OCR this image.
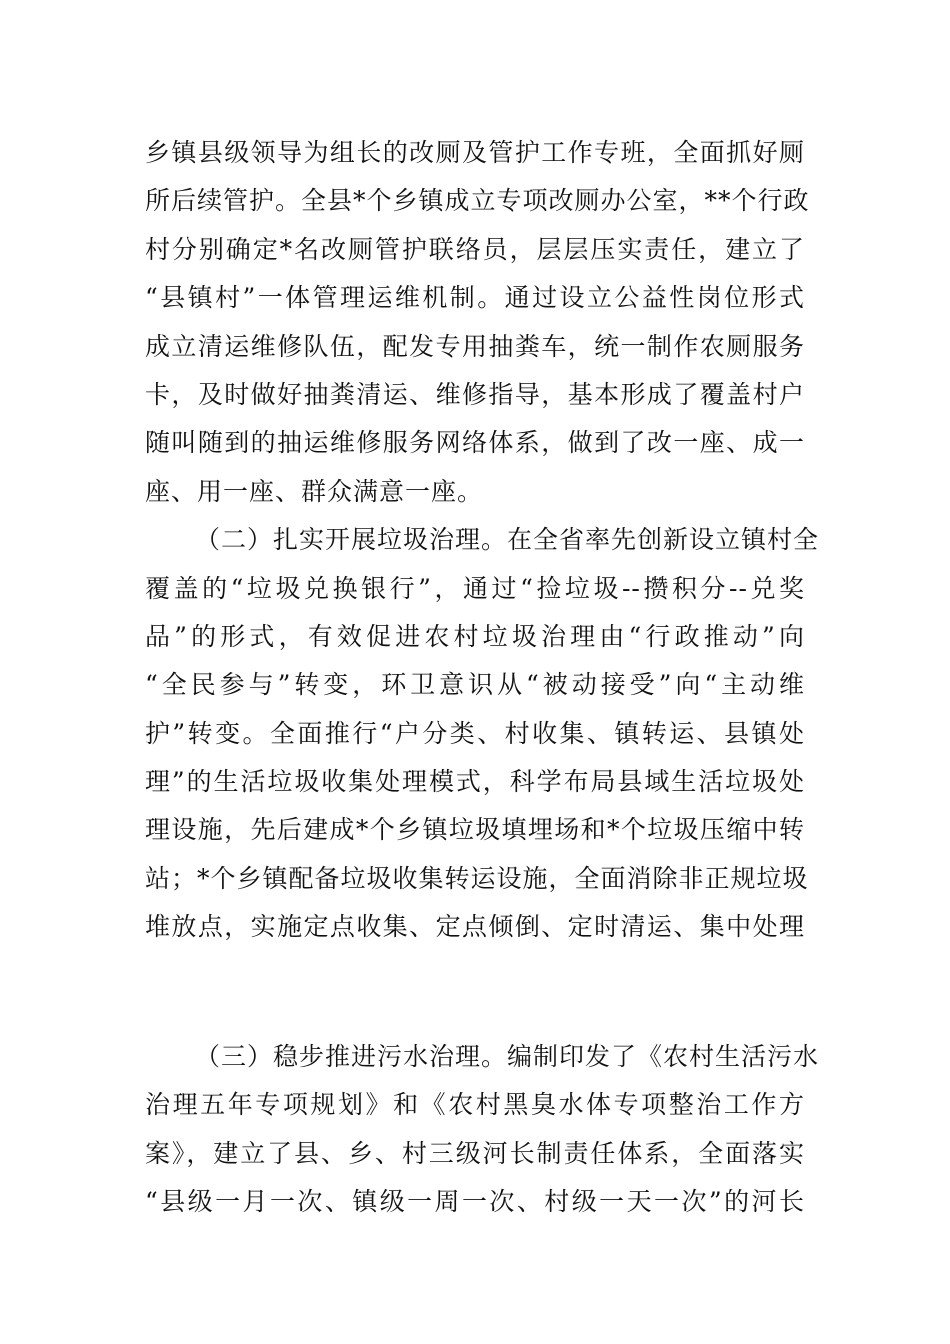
乡镇县级领导为组长的改厕及管护工作专班，全面抓好厕
所后续管护。全县*个乡镇成立专项改厕办公室，**个行政
村分别确定*名改厕管护联络员，层层压实责任，建立了
“县镇村”一体管理运维机制。通过设立公益性岗位形式
成立清运维修队伍，配发专用抽粪车，统一制作农厕服务
卡，及时做好抽粪清运、维修指导，基本形成了覆盖村户
随叫随到的抽运维修服务网络体系，做到了改一座、成一
座、用一座、群众满意一座。
（二）扎实开展垃圾治理。在全省率先创新设立镇村全
覆盖的“垃圾兑换银行”，通过“捡垃圾--攒积分--兑奖
品”的形式，有效促进农村垃圾治理由“行政推动”向
“全民参与”转变，环卫意识从“被动接受”向“主动维
护”转变。全面推行“户分类、村收集、镇转运、县镇处
理”的生活垃圾收集处理模式，科学布局县域生活垃圾处
理设施，先后建成*个乡镇垃圾填埋场和*个垃圾压缩中转
站；*个乡镇配备垃圾收集转运设施，全面消除非正规垃圾
堆放点，实施定点收集、定点倾倒、定时清运、集中处理
（三）稳步推进污水治理。编制印发了《农村生活污水
治理五年专项规划》和《农村黑臭水体专项整治工作方
案》，建立了县、乡、村三级河长制责任体系，全面落实
“县级一月一次、镇级一周一次、村级一天一次”的河长
